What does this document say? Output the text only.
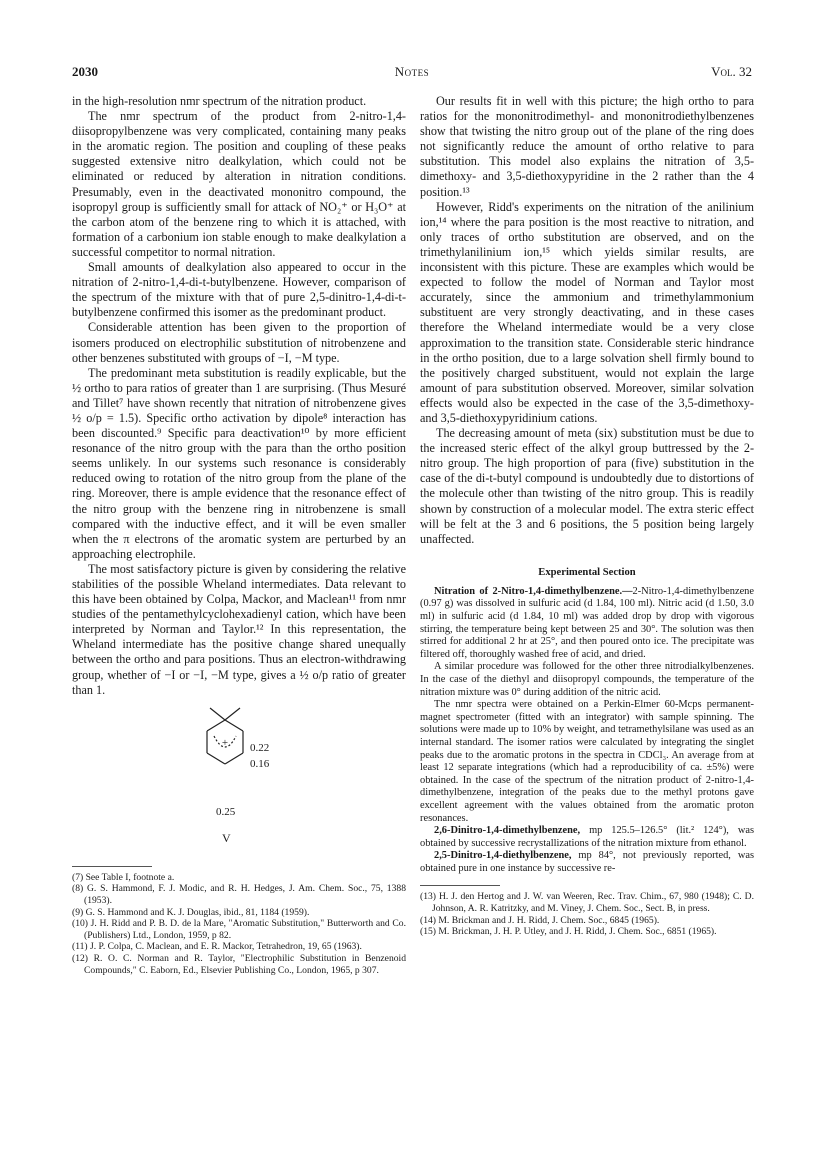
2030	Notes	Vol. 32

in the high-resolution nmr spectrum of the nitration product.

The nmr spectrum of the product from 2-nitro-1,4-diisopropylbenzene was very complicated, containing many peaks in the aromatic region. The position and coupling of these peaks suggested extensive nitro dealkylation, which could not be eliminated or reduced by alteration in nitration conditions. Presumably, even in the deactivated mononitro compound, the isopropyl group is sufficiently small for attack of NO₂⁺ or H₃O⁺ at the carbon atom of the benzene ring to which it is attached, with formation of a carbonium ion stable enough to make dealkylation a successful competitor to normal nitration.

Small amounts of dealkylation also appeared to occur in the nitration of 2-nitro-1,4-di-t-butylbenzene. However, comparison of the spectrum of the mixture with that of pure 2,5-dinitro-1,4-di-t-butylbenzene confirmed this isomer as the predominant product.

Considerable attention has been given to the proportion of isomers produced on electrophilic substitution of nitrobenzene and other benzenes substituted with groups of −I, −M type.

The predominant meta substitution is readily explicable, but the ½ ortho to para ratios of greater than 1 are surprising. (Thus Mesuré and Tillet⁷ have shown recently that nitration of nitrobenzene gives ½ o/p = 1.5). Specific ortho activation by dipole⁸ interaction has been discounted.⁹ Specific para deactivation¹⁰ by more efficient resonance of the nitro group with the para than the ortho position seems unlikely. In our systems such resonance is considerably reduced owing to rotation of the nitro group from the plane of the ring. Moreover, there is ample evidence that the resonance effect of the nitro group with the benzene ring in nitrobenzene is small compared with the inductive effect, and it will be even smaller when the π electrons of the aromatic system are perturbed by an approaching electrophile.

The most satisfactory picture is given by considering the relative stabilities of the possible Wheland intermediates. Data relevant to this have been obtained by Colpa, Mackor, and Maclean¹¹ from nmr studies of the pentamethylcyclohexadienyl cation, which have been interpreted by Norman and Taylor.¹² In this representation, the Wheland intermediate has the positive change shared unequally between the ortho and para positions. Thus an electron-withdrawing group, whether of −I or −I, −M type, gives a ½ o/p ratio of greater than 1.

+ 0.22
0.16
0.25
V

(7) See Table I, footnote a.

(8) G. S. Hammond, F. J. Modic, and R. H. Hedges, J. Am. Chem. Soc., 75, 1388 (1953).

(9) G. S. Hammond and K. J. Douglas, ibid., 81, 1184 (1959).

(10) J. H. Ridd and P. B. D. de la Mare, "Aromatic Substitution," Butterworth and Co. (Publishers) Ltd., London, 1959, p 82.

(11) J. P. Colpa, C. Maclean, and E. R. Mackor, Tetrahedron, 19, 65 (1963).

(12) R. O. C. Norman and R. Taylor, "Electrophilic Substitution in Benzenoid Compounds," C. Eaborn, Ed., Elsevier Publishing Co., London, 1965, p 307.

Our results fit in well with this picture; the high ortho to para ratios for the mononitrodimethyl- and mononitrodiethylbenzenes show that twisting the nitro group out of the plane of the ring does not significantly reduce the amount of ortho relative to para substitution. This model also explains the nitration of 3,5-dimethoxy- and 3,5-diethoxypyridine in the 2 rather than the 4 position.¹³

However, Ridd's experiments on the nitration of the anilinium ion,¹⁴ where the para position is the most reactive to nitration, and only traces of ortho substitution are observed, and on the trimethylanilinium ion,¹⁵ which yields similar results, are inconsistent with this picture. These are examples which would be expected to follow the model of Norman and Taylor most accurately, since the ammonium and trimethylammonium substituent are very strongly deactivating, and in these cases therefore the Wheland intermediate would be a very close approximation to the transition state. Considerable steric hindrance in the ortho position, due to a large solvation shell firmly bound to the positively charged substituent, would not explain the large amount of para substitution observed. Moreover, similar solvation effects would also be expected in the case of the 3,5-dimethoxy- and 3,5-diethoxypyridinium cations.

The decreasing amount of meta (six) substitution must be due to the increased steric effect of the alkyl group buttressed by the 2-nitro group. The high proportion of para (five) substitution in the case of the di-t-butyl compound is undoubtedly due to distortions of the molecule other than twisting of the nitro group. This is readily shown by construction of a molecular model. The extra steric effect will be felt at the 3 and 6 positions, the 5 position being largely unaffected.

Experimental Section

Nitration of 2-Nitro-1,4-dimethylbenzene.—2-Nitro-1,4-dimethylbenzene (0.97 g) was dissolved in sulfuric acid (d 1.84, 100 ml). Nitric acid (d 1.50, 3.0 ml) in sulfuric acid (d 1.84, 10 ml) was added drop by drop with vigorous stirring, the temperature being kept between 25 and 30°. The solution was then stirred for additional 2 hr at 25°, and then poured onto ice. The precipitate was filtered off, thoroughly washed free of acid, and dried.

A similar procedure was followed for the other three nitrodialkylbenzenes. In the case of the diethyl and diisopropyl compounds, the temperature of the nitration mixture was 0° during addition of the nitric acid.

The nmr spectra were obtained on a Perkin-Elmer 60-Mcps permanent-magnet spectrometer (fitted with an integrator) with sample spinning. The solutions were made up to 10% by weight, and tetramethylsilane was used as an internal standard. The isomer ratios were calculated by integrating the singlet peaks due to the aromatic protons in the spectra in CDCl₃. An average from at least 12 separate integrations (which had a reproducibility of ca. ±5%) were obtained. In the case of the spectrum of the nitration product of 2-nitro-1,4-dimethylbenzene, integration of the peaks due to the methyl protons gave excellent agreement with the values obtained from the aromatic proton resonances.

2,6-Dinitro-1,4-dimethylbenzene, mp 125.5–126.5° (lit.² 124°), was obtained by successive recrystallizations of the nitration mixture from ethanol.

2,5-Dinitro-1,4-diethylbenzene, mp 84°, not previously reported, was obtained pure in one instance by successive re-

(13) H. J. den Hertog and J. W. van Weeren, Rec. Trav. Chim., 67, 980 (1948); C. D. Johnson, A. R. Katritzky, and M. Viney, J. Chem. Soc., Sect. B, in press.

(14) M. Brickman and J. H. Ridd, J. Chem. Soc., 6845 (1965).

(15) M. Brickman, J. H. P. Utley, and J. H. Ridd, J. Chem. Soc., 6851 (1965).
